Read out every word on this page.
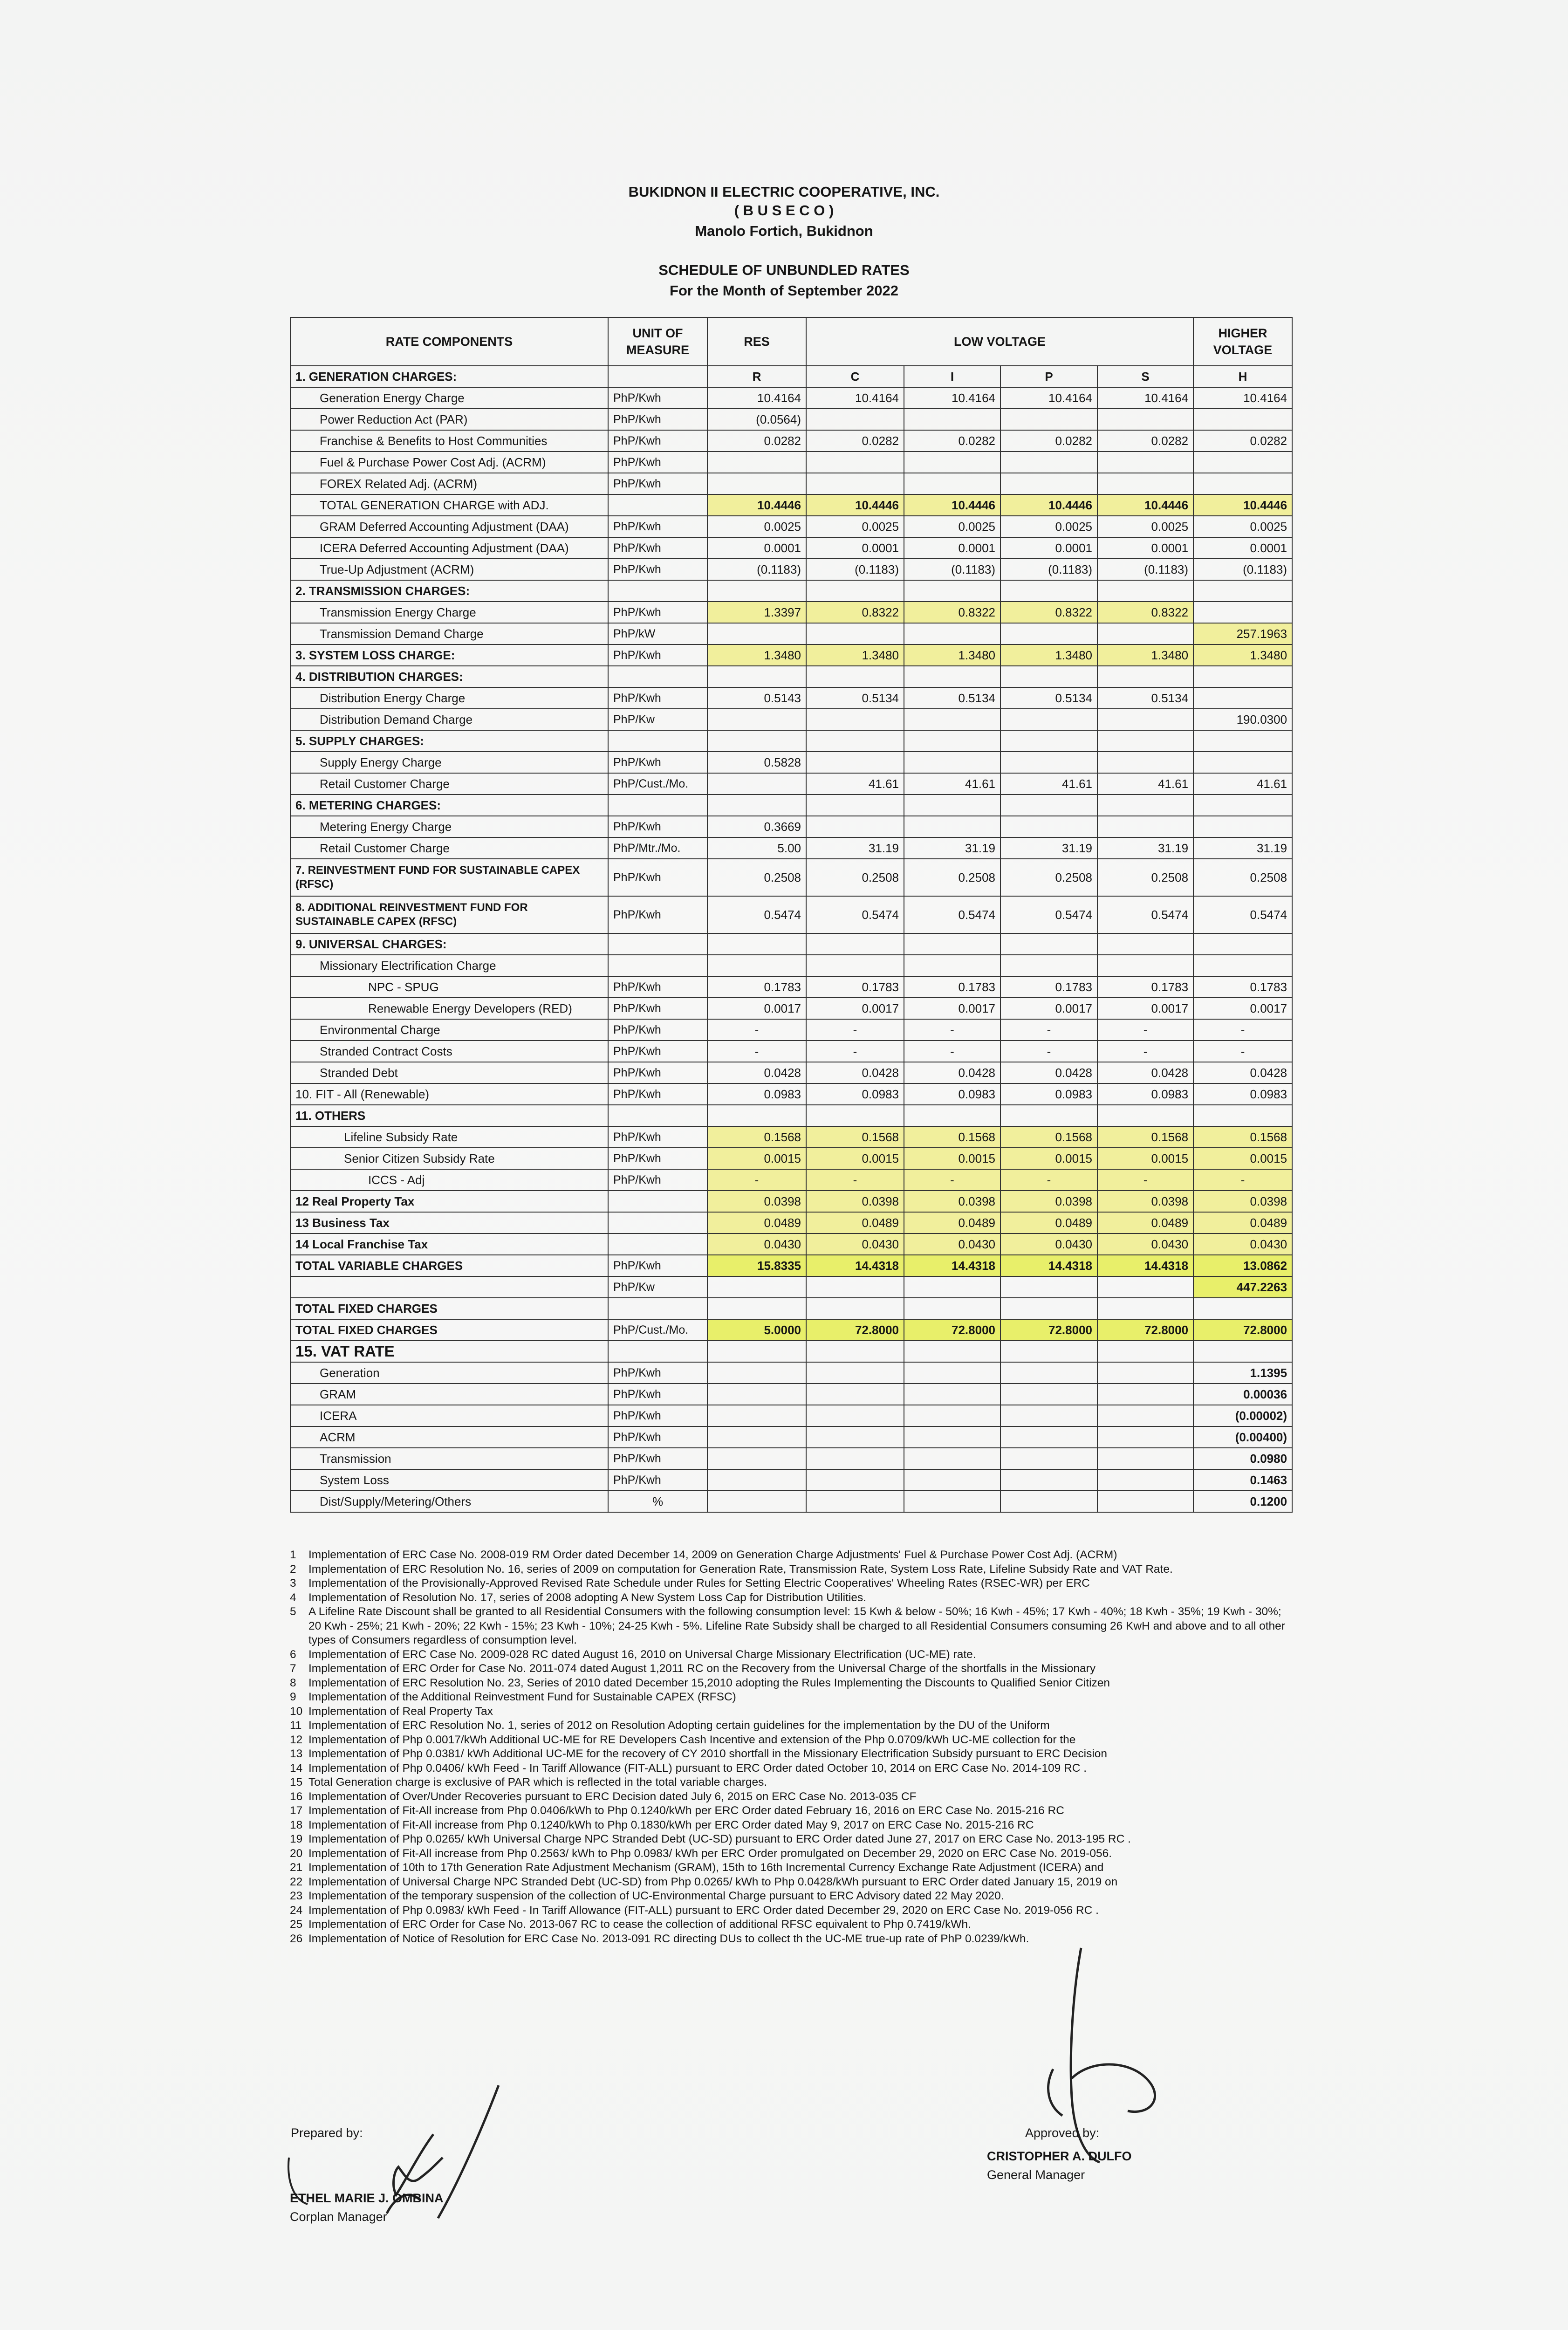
BUKIDNON II ELECTRIC COOPERATIVE, INC.
( B U S E C O )
Manolo Fortich, Bukidnon
SCHEDULE OF UNBUNDLED RATES
For the Month of September 2022
RATE COMPONENTS	UNIT OF MEASURE	RES	LOW VOLTAGE				HIGHER VOLTAGE
1. GENERATION CHARGES:		R	C	I	P	S	H
Generation Energy Charge	PhP/Kwh	10.4164	10.4164	10.4164	10.4164	10.4164	10.4164
Power Reduction Act (PAR)	PhP/Kwh	(0.0564)					
Franchise & Benefits to Host Communities	PhP/Kwh	0.0282	0.0282	0.0282	0.0282	0.0282	0.0282
Fuel & Purchase Power Cost Adj. (ACRM)	PhP/Kwh						
FOREX Related Adj. (ACRM)	PhP/Kwh						
TOTAL GENERATION CHARGE with ADJ.		10.4446	10.4446	10.4446	10.4446	10.4446	10.4446
GRAM Deferred Accounting Adjustment (DAA)	PhP/Kwh	0.0025	0.0025	0.0025	0.0025	0.0025	0.0025
ICERA Deferred Accounting Adjustment (DAA)	PhP/Kwh	0.0001	0.0001	0.0001	0.0001	0.0001	0.0001
True-Up Adjustment (ACRM)	PhP/Kwh	(0.1183)	(0.1183)	(0.1183)	(0.1183)	(0.1183)	(0.1183)
2. TRANSMISSION CHARGES:							
Transmission Energy Charge	PhP/Kwh	1.3397	0.8322	0.8322	0.8322	0.8322	
Transmission Demand Charge	PhP/kW						257.1963
3. SYSTEM LOSS CHARGE:	PhP/Kwh	1.3480	1.3480	1.3480	1.3480	1.3480	1.3480
4. DISTRIBUTION CHARGES:							
Distribution Energy Charge	PhP/Kwh	0.5143	0.5134	0.5134	0.5134	0.5134	
Distribution Demand Charge	PhP/Kw						190.0300
5. SUPPLY CHARGES:							
Supply Energy Charge	PhP/Kwh	0.5828					
Retail Customer Charge	PhP/Cust./Mo.		41.61	41.61	41.61	41.61	41.61
6. METERING CHARGES:							
Metering Energy Charge	PhP/Kwh	0.3669					
Retail Customer Charge	PhP/Mtr./Mo.	5.00	31.19	31.19	31.19	31.19	31.19
7. REINVESTMENT FUND FOR SUSTAINABLE CAPEX (RFSC)	PhP/Kwh	0.2508	0.2508	0.2508	0.2508	0.2508	0.2508
8. ADDITIONAL REINVESTMENT FUND FOR SUSTAINABLE CAPEX (RFSC)	PhP/Kwh	0.5474	0.5474	0.5474	0.5474	0.5474	0.5474
9. UNIVERSAL CHARGES:							
Missionary Electrification Charge							
NPC - SPUG	PhP/Kwh	0.1783	0.1783	0.1783	0.1783	0.1783	0.1783
Renewable Energy Developers (RED)	PhP/Kwh	0.0017	0.0017	0.0017	0.0017	0.0017	0.0017
Environmental Charge	PhP/Kwh	-	-	-	-	-	-
Stranded Contract Costs	PhP/Kwh	-	-	-	-	-	-
Stranded Debt	PhP/Kwh	0.0428	0.0428	0.0428	0.0428	0.0428	0.0428
10. FIT - All (Renewable)	PhP/Kwh	0.0983	0.0983	0.0983	0.0983	0.0983	0.0983
11. OTHERS							
Lifeline Subsidy Rate	PhP/Kwh	0.1568	0.1568	0.1568	0.1568	0.1568	0.1568
Senior Citizen Subsidy Rate	PhP/Kwh	0.0015	0.0015	0.0015	0.0015	0.0015	0.0015
ICCS - Adj	PhP/Kwh	-	-	-	-	-	-
12 Real Property Tax		0.0398	0.0398	0.0398	0.0398	0.0398	0.0398
13 Business Tax		0.0489	0.0489	0.0489	0.0489	0.0489	0.0489
14 Local Franchise Tax		0.0430	0.0430	0.0430	0.0430	0.0430	0.0430
TOTAL VARIABLE CHARGES	PhP/Kwh	15.8335	14.4318	14.4318	14.4318	14.4318	13.0862
	PhP/Kw						447.2263
TOTAL FIXED CHARGES							
TOTAL FIXED CHARGES	PhP/Cust./Mo.	5.0000	72.8000	72.8000	72.8000	72.8000	72.8000
15. VAT RATE							
Generation	PhP/Kwh						1.1395
GRAM	PhP/Kwh						0.00036
ICERA	PhP/Kwh						(0.00002)
ACRM	PhP/Kwh						(0.00400)
Transmission	PhP/Kwh						0.0980
System Loss	PhP/Kwh						0.1463
Dist/Supply/Metering/Others	%						0.1200
1 Implementation of ERC Case No. 2008-019 RM Order dated December 14, 2009 on Generation Charge Adjustments' Fuel & Purchase Power Cost Adj. (ACRM)
2 Implementation of ERC Resolution No. 16, series of 2009 on computation for Generation Rate, Transmission Rate, System Loss Rate, Lifeline Subsidy Rate and VAT Rate.
3 Implementation of the Provisionally-Approved Revised Rate Schedule under Rules for Setting Electric Cooperatives' Wheeling Rates (RSEC-WR) per ERC
4 Implementation of Resolution No. 17, series of 2008 adopting A New System Loss Cap for Distribution Utilities.
5 A Lifeline Rate Discount shall be granted to all Residential Consumers with the following consumption level: 15 Kwh & below - 50%; 16 Kwh - 45%; 17 Kwh - 40%; 18 Kwh - 35%; 19 Kwh - 30%; 20 Kwh - 25%; 21 Kwh - 20%; 22 Kwh - 15%; 23 Kwh - 10%; 24-25 Kwh - 5%. Lifeline Rate Subsidy shall be charged to all Residential Consumers consuming 26 KwH and above and to all other types of Consumers regardless of consumption level.
6 Implementation of ERC Case No. 2009-028 RC dated August 16, 2010 on Universal Charge Missionary Electrification (UC-ME) rate.
7 Implementation of ERC Order for Case No. 2011-074 dated August 1,2011 RC on the Recovery from the Universal Charge of the shortfalls in the Missionary
8 Implementation of ERC Resolution No. 23, Series of 2010 dated December 15,2010 adopting the Rules Implementing the Discounts to Qualified Senior Citizen
9 Implementation of the Additional Reinvestment Fund for Sustainable CAPEX (RFSC)
10 Implementation of Real Property Tax
11 Implementation of ERC Resolution No. 1, series of 2012 on Resolution Adopting certain guidelines for the implementation by the DU of the Uniform
12 Implementation of Php 0.0017/kWh Additional UC-ME for RE Developers Cash Incentive and extension of the Php 0.0709/kWh UC-ME collection for the
13 Implementation of Php 0.0381/ kWh Additional UC-ME for the recovery of CY 2010 shortfall in the Missionary Electrification Subsidy pursuant to ERC Decision
14 Implementation of Php 0.0406/ kWh Feed - In Tariff Allowance (FIT-ALL) pursuant to ERC Order dated October 10, 2014 on ERC Case No. 2014-109 RC .
15 Total Generation charge is exclusive of PAR which is reflected in the total variable charges.
16 Implementation of Over/Under Recoveries pursuant to ERC Decision dated July 6, 2015 on ERC Case No. 2013-035 CF
17 Implementation of Fit-All increase from Php 0.0406/kWh to Php 0.1240/kWh per ERC Order dated February 16, 2016 on ERC Case No. 2015-216 RC
18 Implementation of Fit-All increase from Php 0.1240/kWh to Php 0.1830/kWh per ERC Order dated May 9, 2017 on ERC Case No. 2015-216 RC
19 Implementation of Php 0.0265/ kWh Universal Charge NPC Stranded Debt (UC-SD) pursuant to ERC Order dated June 27, 2017 on ERC Case No. 2013-195 RC .
20 Implementation of Fit-All increase from Php 0.2563/ kWh to Php 0.0983/ kWh per ERC Order promulgated on December 29, 2020 on ERC Case No. 2019-056.
21 Implementation of 10th to 17th Generation Rate Adjustment Mechanism (GRAM), 15th to 16th Incremental Currency Exchange Rate Adjustment (ICERA) and
22 Implementation of Universal Charge NPC Stranded Debt (UC-SD) from Php 0.0265/ kWh to Php 0.0428/kWh pursuant to ERC Order dated January 15, 2019 on
23 Implementation of the temporary suspension of the collection of UC-Environmental Charge pursuant to ERC Advisory dated 22 May 2020.
24 Implementation of Php 0.0983/ kWh Feed - In Tariff Allowance (FIT-ALL) pursuant to ERC Order dated December 29, 2020 on ERC Case No. 2019-056 RC .
25 Implementation of ERC Order for Case No. 2013-067 RC to cease the collection of additional RFSC equivalent to Php 0.7419/kWh.
26 Implementation of Notice of Resolution for ERC Case No. 2013-091 RC directing DUs to collect th the UC-ME true-up rate of PhP 0.0239/kWh.
Prepared by:
ETHEL MARIE J. OMBINA
Corplan Manager
Approved by:
CRISTOPHER A. DULFO
General Manager
